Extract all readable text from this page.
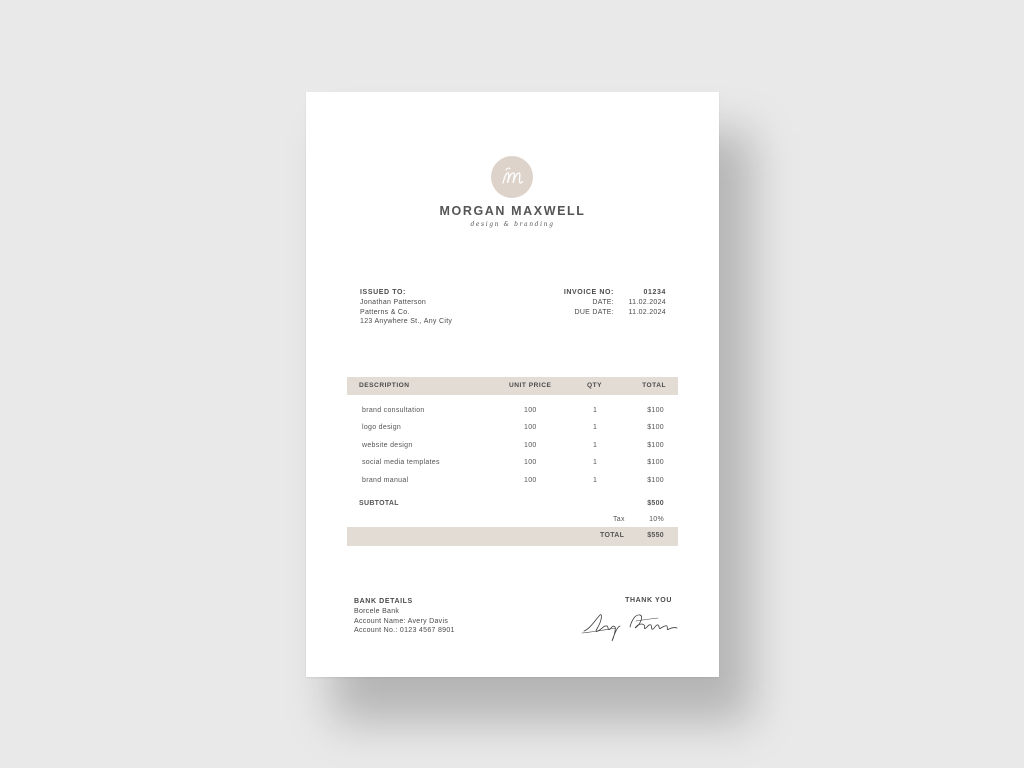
MORGAN MAXWELL
design & branding
ISSUED TO:
Jonathan Patterson
Patterns & Co.
123 Anywhere St., Any City
INVOICE NO:	01234
DATE:	11.02.2024
DUE DATE:	11.02.2024
DESCRIPTION	UNIT PRICE	QTY	TOTAL
brand consultation	100	1	$100
logo design	100	1	$100
website design	100	1	$100
social media templates	100	1	$100
brand manual	100	1	$100
SUBTOTAL	$500
Tax	10%
TOTAL	$550
BANK DETAILS
Borcele Bank
Account Name: Avery Davis
Account No.: 0123 4567 8901
THANK YOU
